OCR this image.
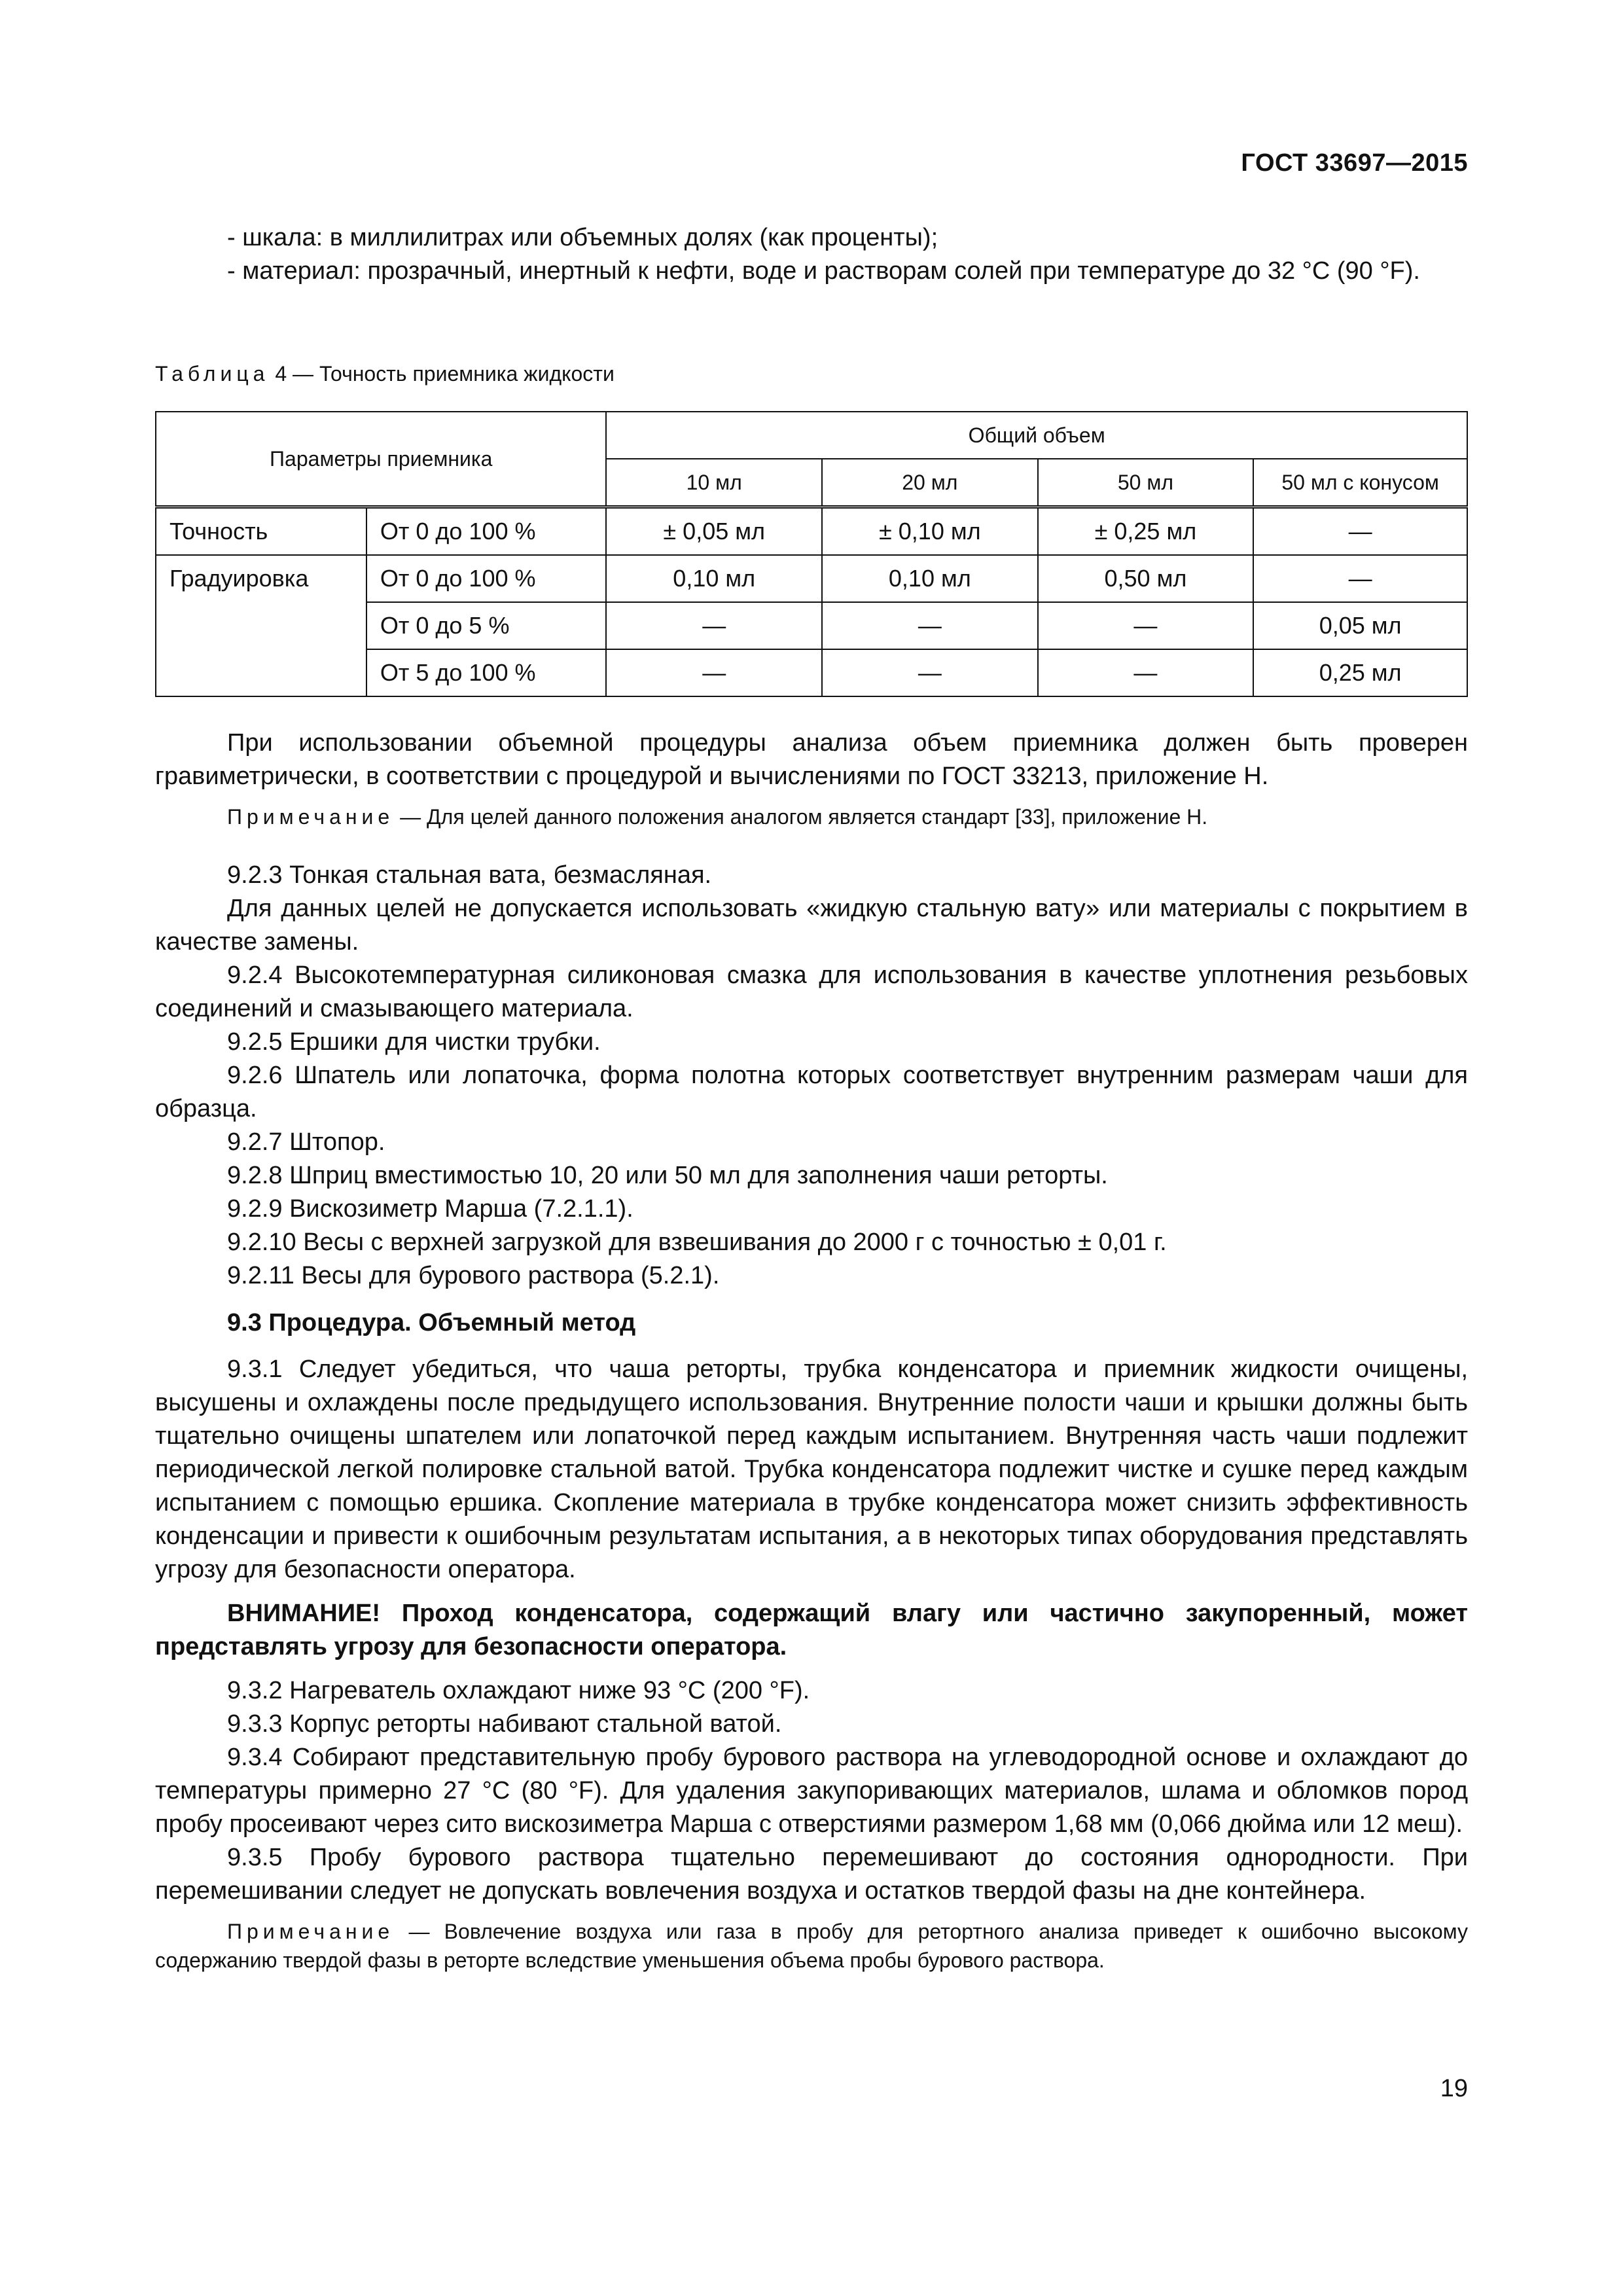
ГОСТ 33697—2015

- шкала: в миллилитрах или объемных долях (как проценты);

- материал: прозрачный, инертный к нефти, воде и растворам солей при температуре до 32 °С (90 °F).

Таблица 4 — Точность приемника жидкости
Параметры приемника		Общий объем			
		10 мл	20 мл	50 мл	50 мл с конусом
Точность	От 0 до 100 %	± 0,05 мл	± 0,10 мл	± 0,25 мл	—
Градуировка	От 0 до 100 %	0,10 мл	0,10 мл	0,50 мл	—
	От 0 до 5 %	—	—	—	0,05 мл
	От 5 до 100 %	—	—	—	0,25 мл

При использовании объемной процедуры анализа объем приемника должен быть проверен гравиметрически, в соответствии с процедурой и вычислениями по ГОСТ 33213, приложение Н.

Примечание — Для целей данного положения аналогом является стандарт [33], приложение Н.

9.2.3 Тонкая стальная вата, безмасляная.

Для данных целей не допускается использовать «жидкую стальную вату» или материалы с покрытием в качестве замены.

9.2.4 Высокотемпературная силиконовая смазка для использования в качестве уплотнения резьбовых соединений и смазывающего материала.

9.2.5 Ершики для чистки трубки.

9.2.6 Шпатель или лопаточка, форма полотна которых соответствует внутренним размерам чаши для образца.

9.2.7 Штопор.

9.2.8 Шприц вместимостью 10, 20 или 50 мл для заполнения чаши реторты.

9.2.9 Вискозиметр Марша (7.2.1.1).

9.2.10 Весы с верхней загрузкой для взвешивания до 2000 г с точностью ± 0,01 г.

9.2.11 Весы для бурового раствора (5.2.1).

9.3 Процедура. Объемный метод

9.3.1 Следует убедиться, что чаша реторты, трубка конденсатора и приемник жидкости очищены, высушены и охлаждены после предыдущего использования. Внутренние полости чаши и крышки должны быть тщательно очищены шпателем или лопаточкой перед каждым испытанием. Внутренняя часть чаши подлежит периодической легкой полировке стальной ватой. Трубка конденсатора подлежит чистке и сушке перед каждым испытанием с помощью ершика. Скопление материала в трубке конденсатора может снизить эффективность конденсации и привести к ошибочным результатам испытания, а в некоторых типах оборудования представлять угрозу для безопасности оператора.

ВНИМАНИЕ! Проход конденсатора, содержащий влагу или частично закупоренный, может представлять угрозу для безопасности оператора.

9.3.2 Нагреватель охлаждают ниже 93 °С (200 °F).

9.3.3 Корпус реторты набивают стальной ватой.

9.3.4 Собирают представительную пробу бурового раствора на углеводородной основе и охлаждают до температуры примерно 27 °С (80 °F). Для удаления закупоривающих материалов, шлама и обломков пород пробу просеивают через сито вискозиметра Марша с отверстиями размером 1,68 мм (0,066 дюйма или 12 меш).

9.3.5 Пробу бурового раствора тщательно перемешивают до состояния однородности. При перемешивании следует не допускать вовлечения воздуха и остатков твердой фазы на дне контейнера.

Примечание — Вовлечение воздуха или газа в пробу для ретортного анализа приведет к ошибочно высокому содержанию твердой фазы в реторте вследствие уменьшения объема пробы бурового раствора.

19
